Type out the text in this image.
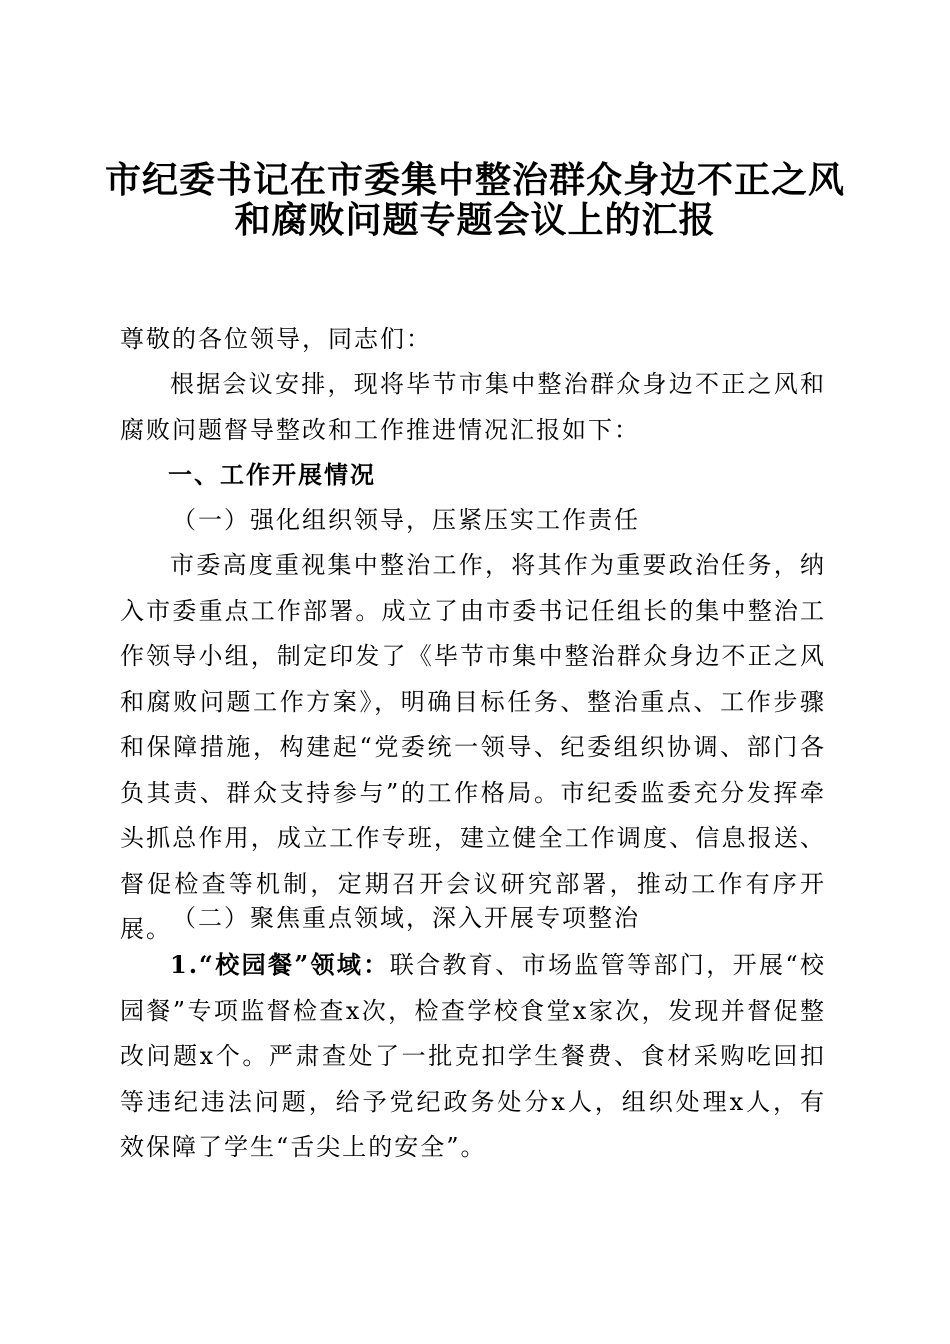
市纪委书记在市委集中整治群众身边不正之风
和腐败问题专题会议上的汇报

尊敬的各位领导，同志们：

根据会议安排，现将毕节市集中整治群众身边不正之风和腐败问题督导整改和工作推进情况汇报如下：

一、工作开展情况

（一）强化组织领导，压紧压实工作责任

市委高度重视集中整治工作，将其作为重要政治任务，纳入市委重点工作部署。成立了由市委书记任组长的集中整治工作领导小组，制定印发了《毕节市集中整治群众身边不正之风和腐败问题工作方案》，明确目标任务、整治重点、工作步骤和保障措施，构建起“党委统一领导、纪委组织协调、部门各负其责、群众支持参与”的工作格局。市纪委监委充分发挥牵头抓总作用，成立工作专班，建立健全工作调度、信息报送、督促检查等机制，定期召开会议研究部署，推动工作有序开展。 （二）聚焦重点领域，深入开展专项整治

1.“校园餐”领域：联合教育、市场监管等部门，开展“校园餐”专项监督检查x次，检查学校食堂x家次，发现并督促整改问题x个。严肃查处了一批克扣学生餐费、食材采购吃回扣等违纪违法问题，给予党纪政务处分x人，组织处理x人，有效保障了学生“舌尖上的安全”。
